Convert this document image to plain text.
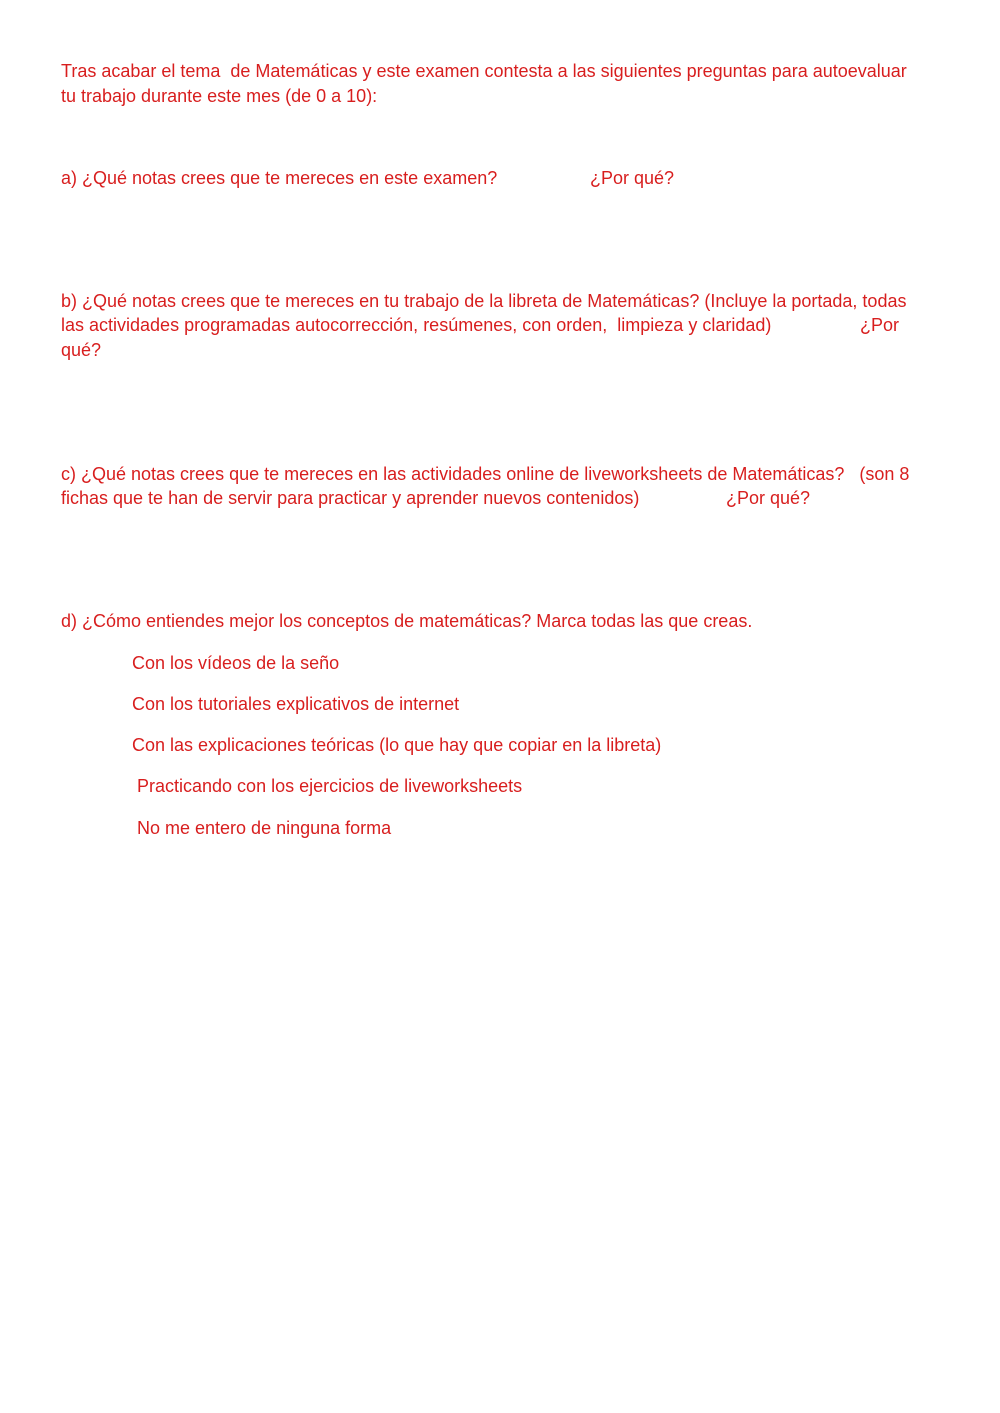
Tras acabar el tema  de Matemáticas y este examen contesta a las siguientes preguntas para autoevaluar
tu trabajo durante este mes (de 0 a 10):
a) ¿Qué notas crees que te mereces en este examen?	¿Por qué?
b) ¿Qué notas crees que te mereces en tu trabajo de la libreta de Matemáticas? (Incluye la portada, todas
las actividades programadas autocorrección, resúmenes, con orden,  limpieza y claridad)	¿Por
qué?
c) ¿Qué notas crees que te mereces en las actividades online de liveworksheets de Matemáticas?   (son 8
fichas que te han de servir para practicar y aprender nuevos contenidos)	¿Por qué?
d) ¿Cómo entiendes mejor los conceptos de matemáticas? Marca todas las que creas.
Con los vídeos de la seño
Con los tutoriales explicativos de internet
Con las explicaciones teóricas (lo que hay que copiar en la libreta)
Practicando con los ejercicios de liveworksheets
No me entero de ninguna forma
